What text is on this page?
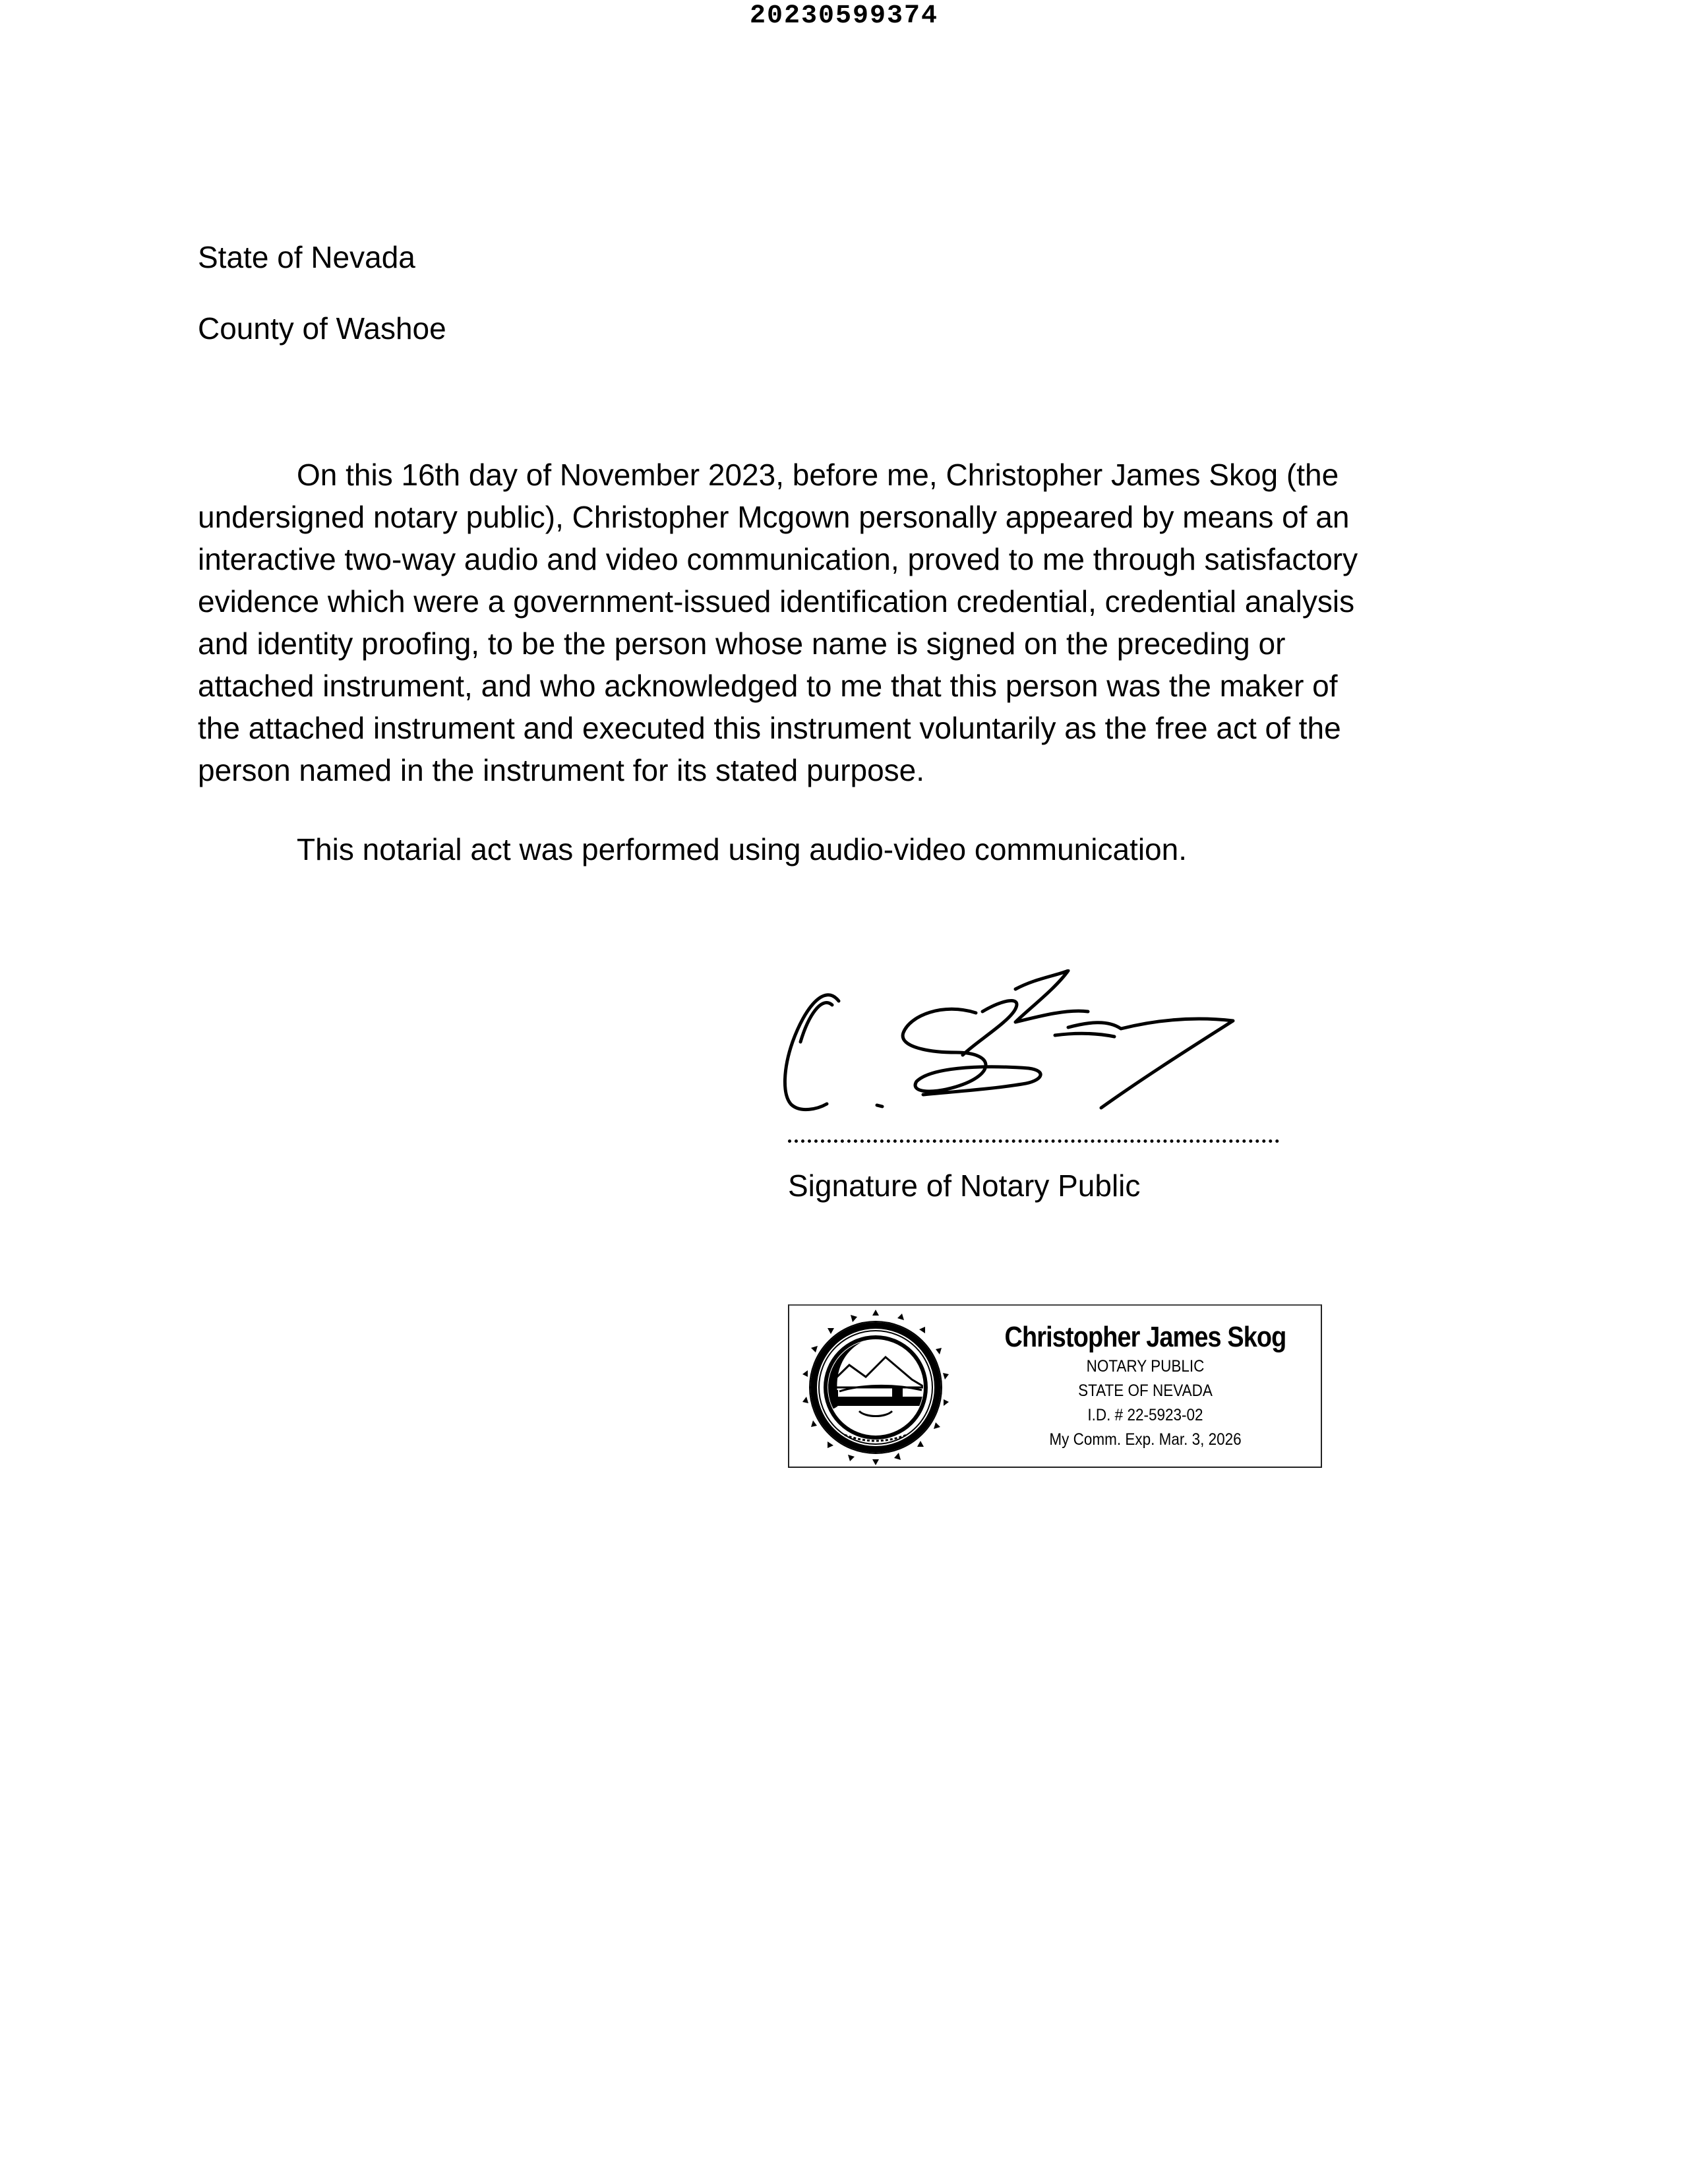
20230599374
State of Nevada
County of Washoe
On this 16th day of November 2023, before me, Christopher James Skog (the
undersigned notary public), Christopher Mcgown personally appeared by means of an
interactive two-way audio and video communication, proved to me through satisfactory
evidence which were a government-issued identification credential, credential analysis
and identity proofing, to be the person whose name is signed on the preceding or
attached instrument, and who acknowledged to me that this person was the maker of
the attached instrument and executed this instrument voluntarily as the free act of the
person named in the instrument for its stated purpose.
This notarial act was performed using audio-video communication.
Signature of Notary Public
Christopher James Skog
NOTARY PUBLIC
STATE OF NEVADA
I.D. # 22-5923-02
My Comm. Exp. Mar. 3, 2026
